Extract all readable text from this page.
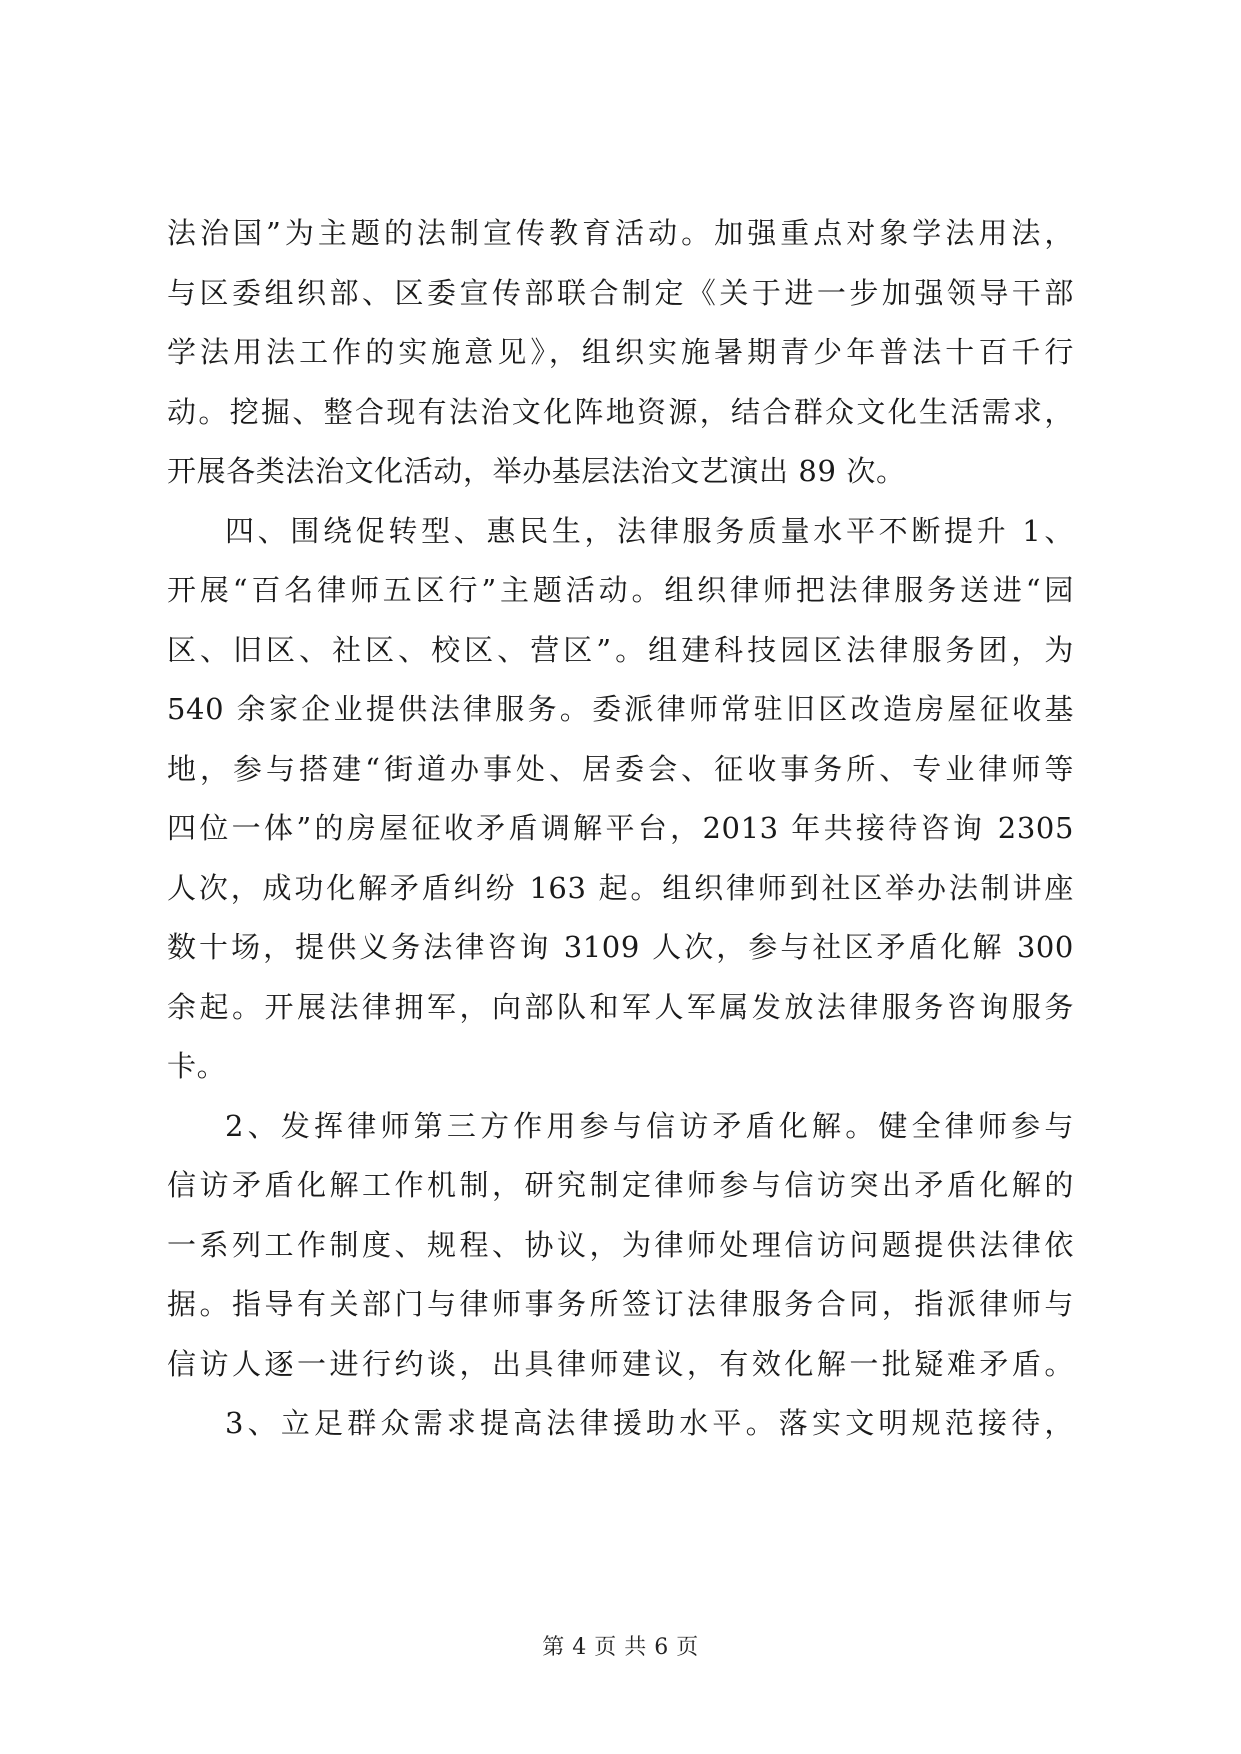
法治国”为主题的法制宣传教育活动。加强重点对象学法用法，
与区委组织部、区委宣传部联合制定《关于进一步加强领导干部
学法用法工作的实施意见》，组织实施暑期青少年普法十百千行
动。挖掘、整合现有法治文化阵地资源，结合群众文化生活需求，
开展各类法治文化活动，举办基层法治文艺演出 89 次。
四、围绕促转型、惠民生，法律服务质量水平不断提升 1、
开展“百名律师五区行”主题活动。组织律师把法律服务送进“园
区、旧区、社区、校区、营区”。组建科技园区法律服务团，为
540 余家企业提供法律服务。委派律师常驻旧区改造房屋征收基
地，参与搭建“街道办事处、居委会、征收事务所、专业律师等
四位一体”的房屋征收矛盾调解平台，2013 年共接待咨询 2305
人次，成功化解矛盾纠纷 163 起。组织律师到社区举办法制讲座
数十场，提供义务法律咨询 3109 人次，参与社区矛盾化解 300
余起。开展法律拥军，向部队和军人军属发放法律服务咨询服务
卡。
2、发挥律师第三方作用参与信访矛盾化解。健全律师参与
信访矛盾化解工作机制，研究制定律师参与信访突出矛盾化解的
一系列工作制度、规程、协议，为律师处理信访问题提供法律依
据。指导有关部门与律师事务所签订法律服务合同，指派律师与
信访人逐一进行约谈，出具律师建议，有效化解一批疑难矛盾。
3、立足群众需求提高法律援助水平。落实文明规范接待，
第 4 页 共 6 页
